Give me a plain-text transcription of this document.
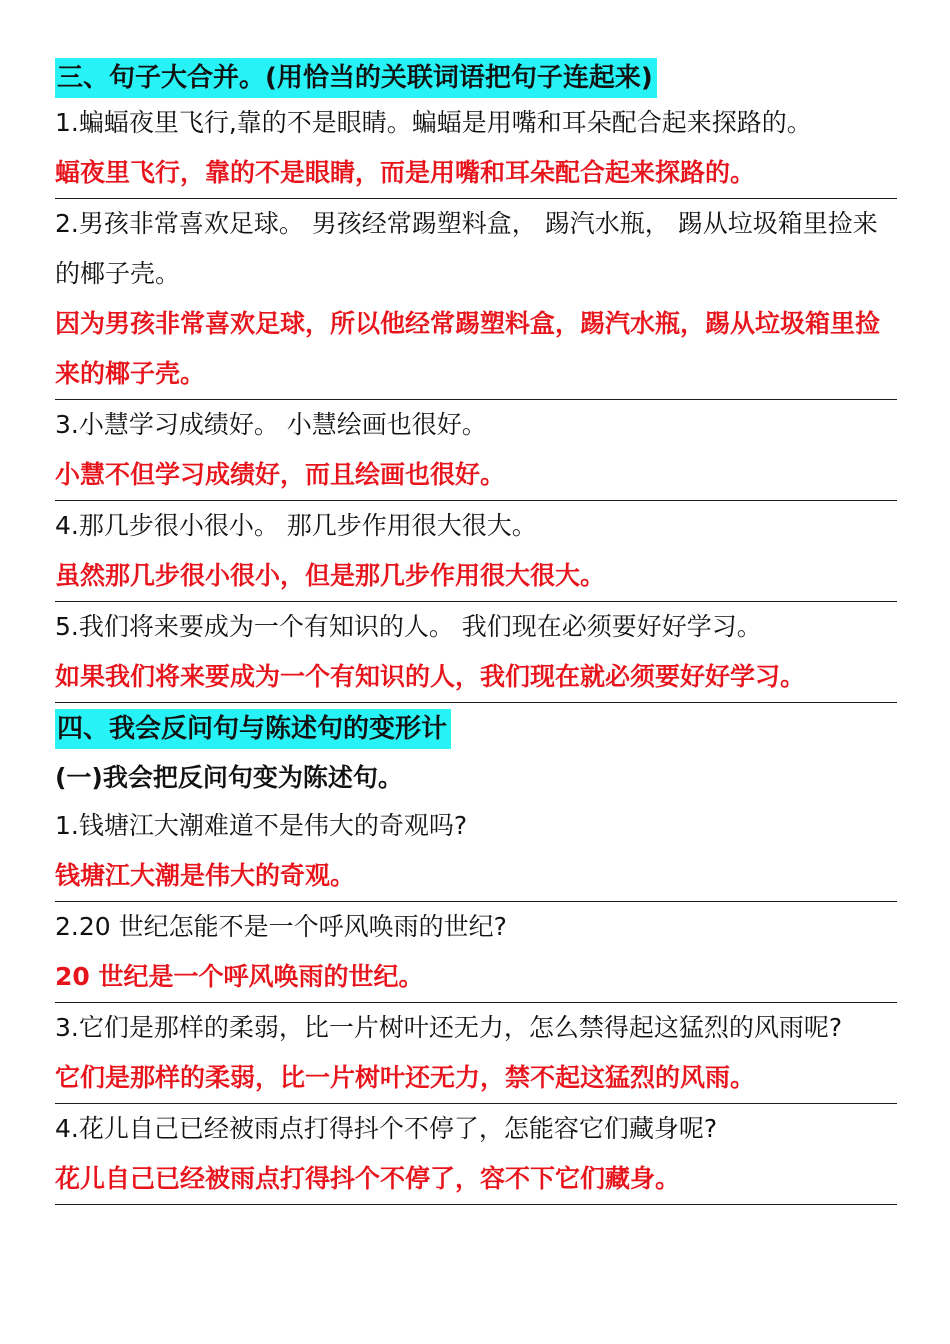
三、句子大合并。(用恰当的关联词语把句子连起来)
1.蝙蝠夜里飞行,靠的不是眼睛。蝙蝠是用嘴和耳朵配合起来探路的。
蝠夜里飞行，靠的不是眼睛，而是用嘴和耳朵配合起来探路的。
2.男孩非常喜欢足球。 男孩经常踢塑料盒， 踢汽水瓶， 踢从垃圾箱里捡来的椰子壳。
因为男孩非常喜欢足球，所以他经常踢塑料盒，踢汽水瓶，踢从垃圾箱里捡来的椰子壳。
3.小慧学习成绩好。 小慧绘画也很好。
小慧不但学习成绩好，而且绘画也很好。
4.那几步很小很小。 那几步作用很大很大。
虽然那几步很小很小，但是那几步作用很大很大。
5.我们将来要成为一个有知识的人。 我们现在必须要好好学习。
如果我们将来要成为一个有知识的人，我们现在就必须要好好学习。
四、我会反问句与陈述句的变形计
(一)我会把反问句变为陈述句。
1.钱塘江大潮难道不是伟大的奇观吗?
钱塘江大潮是伟大的奇观。
2.20 世纪怎能不是一个呼风唤雨的世纪?
20 世纪是一个呼风唤雨的世纪。
3.它们是那样的柔弱，比一片树叶还无力，怎么禁得起这猛烈的风雨呢?
它们是那样的柔弱，比一片树叶还无力，禁不起这猛烈的风雨。
4.花儿自己已经被雨点打得抖个不停了，怎能容它们藏身呢?
花儿自己已经被雨点打得抖个不停了，容不下它们藏身。
